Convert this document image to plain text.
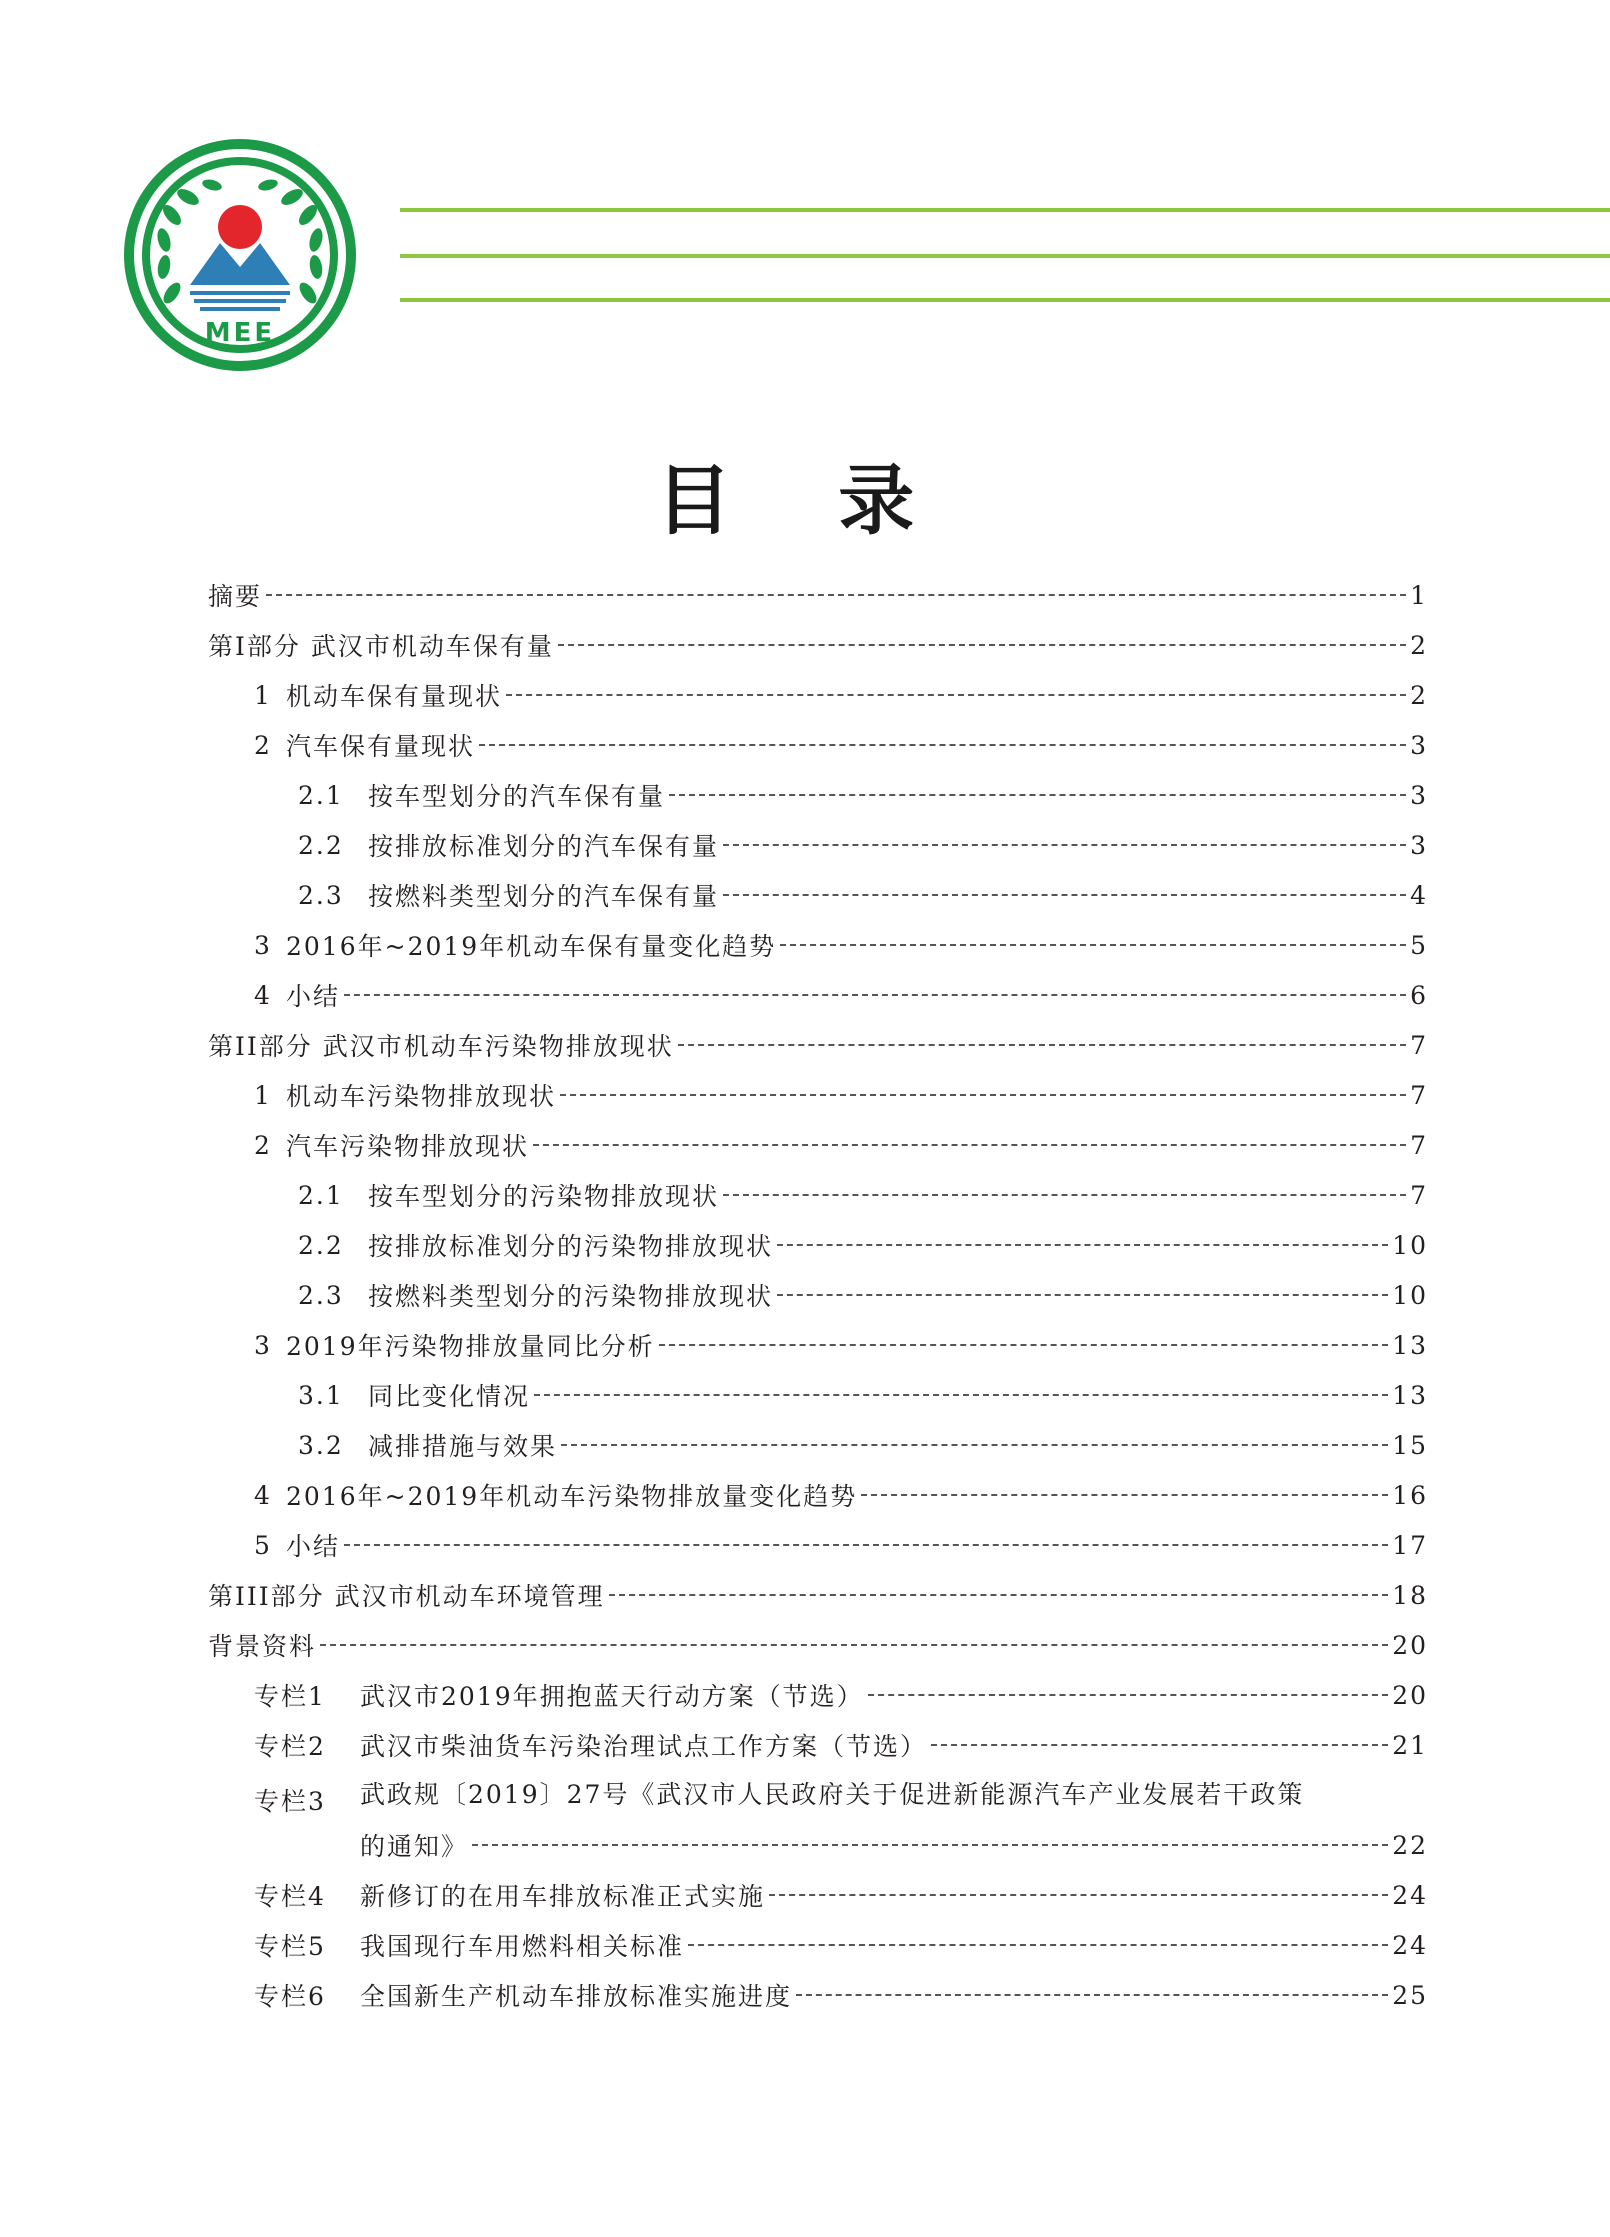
MEE
目 录
摘要	1
第I部分 武汉市机动车保有量	2
1 机动车保有量现状	2
2 汽车保有量现状	3
2.1 按车型划分的汽车保有量	3
2.2 按排放标准划分的汽车保有量	3
2.3 按燃料类型划分的汽车保有量	4
3 2016年~2019年机动车保有量变化趋势	5
4 小结	6
第II部分 武汉市机动车污染物排放现状	7
1 机动车污染物排放现状	7
2 汽车污染物排放现状	7
2.1 按车型划分的污染物排放现状	7
2.2 按排放标准划分的污染物排放现状	10
2.3 按燃料类型划分的污染物排放现状	10
3 2019年污染物排放量同比分析	13
3.1 同比变化情况	13
3.2 减排措施与效果	15
4 2016年~2019年机动车污染物排放量变化趋势	16
5 小结	17
第III部分 武汉市机动车环境管理	18
背景资料	20
专栏1	武汉市2019年拥抱蓝天行动方案（节选）	20
专栏2	武汉市柴油货车污染治理试点工作方案（节选）	21
专栏3	武政规〔2019〕27号《武汉市人民政府关于促进新能源汽车产业发展若干政策
的通知》	22
专栏4	新修订的在用车排放标准正式实施	24
专栏5	我国现行车用燃料相关标准	24
专栏6	全国新生产机动车排放标准实施进度	25
